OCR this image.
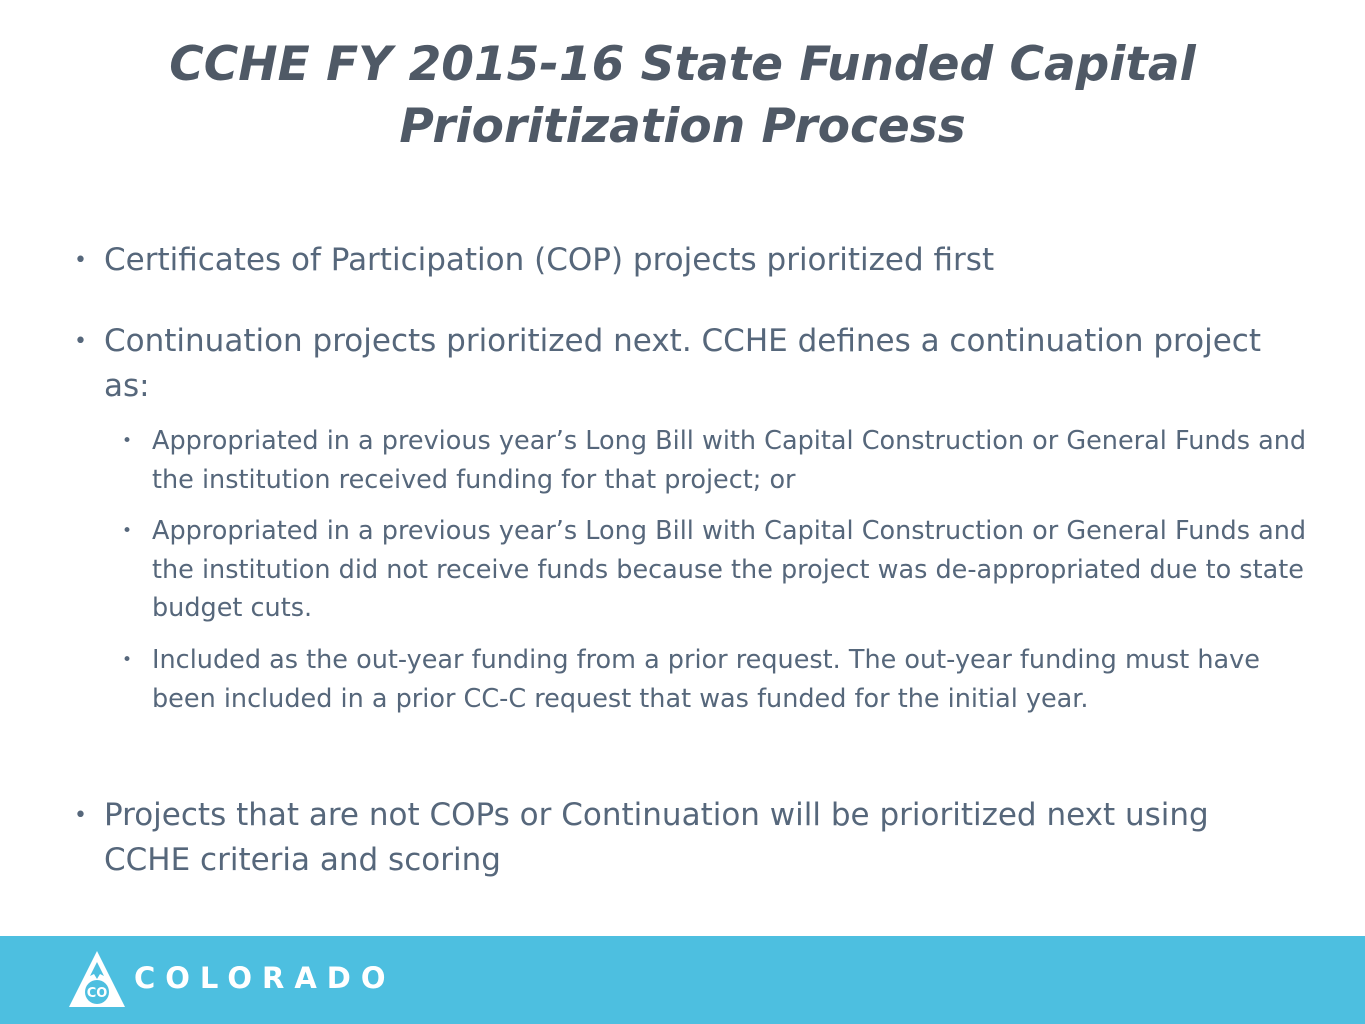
CCHE FY 2015-16 State Funded Capital
Prioritization Process

• Certificates of Participation (COP) projects prioritized first

• Continuation projects prioritized next. CCHE defines a continuation project as:

• Appropriated in a previous year’s Long Bill with Capital Construction or General Funds and the institution received funding for that project; or

• Appropriated in a previous year’s Long Bill with Capital Construction or General Funds and the institution did not receive funds because the project was de-appropriated due to state budget cuts.

• Included as the out-year funding from a prior request. The out-year funding must have been included in a prior CC-C request that was funded for the initial year.

• Projects that are not COPs or Continuation will be prioritized next using CCHE criteria and scoring

CO COLORADO
